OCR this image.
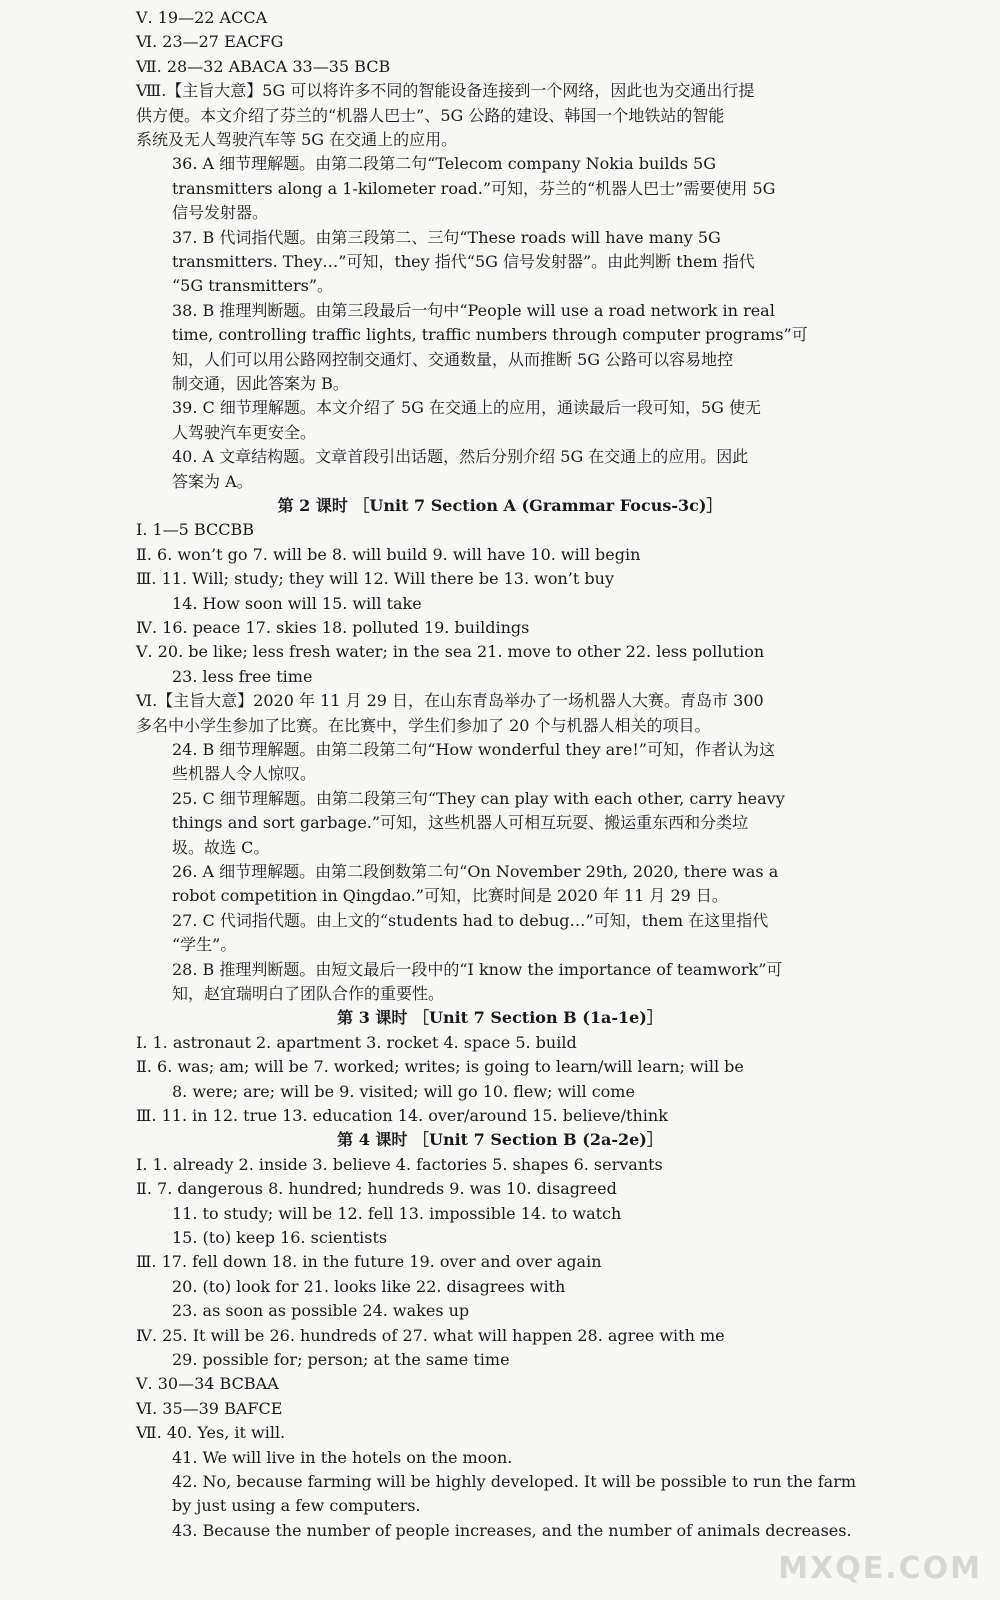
Ⅴ. 19—22 ACCA
Ⅵ. 23—27 EACFG
Ⅶ. 28—32 ABACA 33—35 BCB
Ⅷ.【主旨大意】5G 可以将许多不同的智能设备连接到一个网络，因此也为交通出行提
供方便。本文介绍了芬兰的“机器人巴士”、5G 公路的建设、韩国一个地铁站的智能
系统及无人驾驶汽车等 5G 在交通上的应用。
36. A 细节理解题。由第二段第二句“Telecom company Nokia builds 5G
transmitters along a 1-kilometer road.”可知，芬兰的“机器人巴士”需要使用 5G
信号发射器。
37. B 代词指代题。由第三段第二、三句“These roads will have many 5G
transmitters. They…”可知，they 指代“5G 信号发射器”。由此判断 them 指代
“5G transmitters”。
38. B 推理判断题。由第三段最后一句中“People will use a road network in real
time, controlling traffic lights, traffic numbers through computer programs”可
知，人们可以用公路网控制交通灯、交通数量，从而推断 5G 公路可以容易地控
制交通，因此答案为 B。
39. C 细节理解题。本文介绍了 5G 在交通上的应用，通读最后一段可知，5G 使无
人驾驶汽车更安全。
40. A 文章结构题。文章首段引出话题，然后分别介绍 5G 在交通上的应用。因此
答案为 A。
第 2 课时 ［Unit 7 Section A (Grammar Focus-3c)］
Ⅰ. 1—5 BCCBB
Ⅱ. 6. won’t go 7. will be 8. will build 9. will have 10. will begin
Ⅲ. 11. Will; study; they will 12. Will there be 13. won’t buy
14. How soon will 15. will take
Ⅳ. 16. peace 17. skies 18. polluted 19. buildings
Ⅴ. 20. be like; less fresh water; in the sea 21. move to other 22. less pollution
23. less free time
Ⅵ.【主旨大意】2020 年 11 月 29 日，在山东青岛举办了一场机器人大赛。青岛市 300
多名中小学生参加了比赛。在比赛中，学生们参加了 20 个与机器人相关的项目。
24. B 细节理解题。由第二段第二句“How wonderful they are!”可知，作者认为这
些机器人令人惊叹。
25. C 细节理解题。由第二段第三句“They can play with each other, carry heavy
things and sort garbage.”可知，这些机器人可相互玩耍、搬运重东西和分类垃
圾。故选 C。
26. A 细节理解题。由第二段倒数第二句“On November 29th, 2020, there was a
robot competition in Qingdao.”可知，比赛时间是 2020 年 11 月 29 日。
27. C 代词指代题。由上文的“students had to debug…”可知，them 在这里指代
“学生”。
28. B 推理判断题。由短文最后一段中的“I know the importance of teamwork”可
知，赵宜瑞明白了团队合作的重要性。
第 3 课时 ［Unit 7 Section B (1a-1e)］
Ⅰ. 1. astronaut 2. apartment 3. rocket 4. space 5. build
Ⅱ. 6. was; am; will be 7. worked; writes; is going to learn/will learn; will be
8. were; are; will be 9. visited; will go 10. flew; will come
Ⅲ. 11. in 12. true 13. education 14. over/around 15. believe/think
第 4 课时 ［Unit 7 Section B (2a-2e)］
Ⅰ. 1. already 2. inside 3. believe 4. factories 5. shapes 6. servants
Ⅱ. 7. dangerous 8. hundred; hundreds 9. was 10. disagreed
11. to study; will be 12. fell 13. impossible 14. to watch
15. (to) keep 16. scientists
Ⅲ. 17. fell down 18. in the future 19. over and over again
20. (to) look for 21. looks like 22. disagrees with
23. as soon as possible 24. wakes up
Ⅳ. 25. It will be 26. hundreds of 27. what will happen 28. agree with me
29. possible for; person; at the same time
Ⅴ. 30—34 BCBAA
Ⅵ. 35—39 BAFCE
Ⅶ. 40. Yes, it will.
41. We will live in the hotels on the moon.
42. No, because farming will be highly developed. It will be possible to run the farm
by just using a few computers.
43. Because the number of people increases, and the number of animals decreases.
MXQE.COM
